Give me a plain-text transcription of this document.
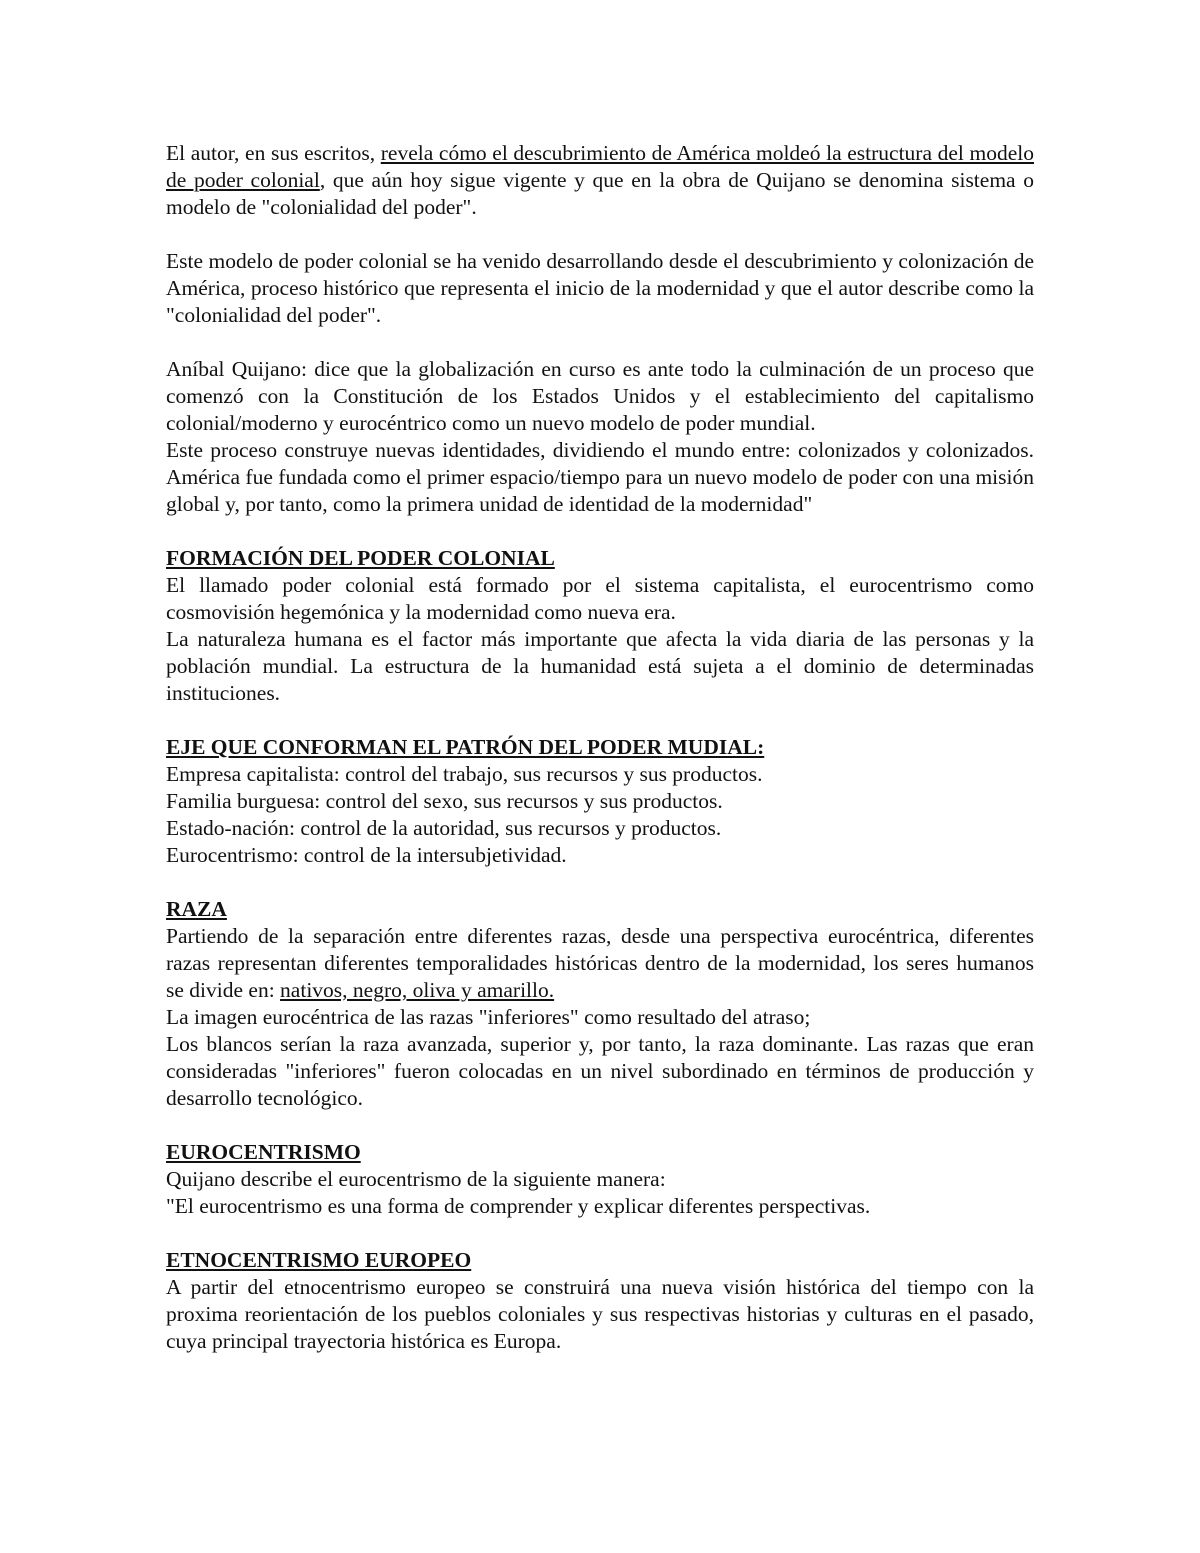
El autor, en sus escritos, revela cómo el descubrimiento de América moldeó la estructura del modelo de poder colonial, que aún hoy sigue vigente y que en la obra de Quijano se denomina sistema o modelo de "colonialidad del poder".

Este modelo de poder colonial se ha venido desarrollando desde el descubrimiento y colonización de América, proceso histórico que representa el inicio de la modernidad y que el autor describe como la "colonialidad del poder".

Aníbal Quijano: dice que la globalización en curso es ante todo la culminación de un proceso que comenzó con la Constitución de los Estados Unidos y el establecimiento del capitalismo colonial/moderno y eurocéntrico como un nuevo modelo de poder mundial.

Este proceso construye nuevas identidades, dividiendo el mundo entre: colonizados y colonizados. América fue fundada como el primer espacio/tiempo para un nuevo modelo de poder con una misión global y, por tanto, como la primera unidad de identidad de la modernidad"

FORMACIÓN DEL PODER COLONIAL

El llamado poder colonial está formado por el sistema capitalista, el eurocentrismo como cosmovisión hegemónica y la modernidad como nueva era.

La naturaleza humana es el factor más importante que afecta la vida diaria de las personas y la población mundial. La estructura de la humanidad está sujeta a el dominio de determinadas instituciones.

EJE QUE CONFORMAN EL PATRÓN DEL PODER MUDIAL:

Empresa capitalista: control del trabajo, sus recursos y sus productos.
Familia burguesa: control del sexo, sus recursos y sus productos.
Estado-nación: control de la autoridad, sus recursos y productos.
Eurocentrismo: control de la intersubjetividad.

RAZA

Partiendo de la separación entre diferentes razas, desde una perspectiva eurocéntrica, diferentes razas representan diferentes temporalidades históricas dentro de la modernidad, los seres humanos se divide en: nativos, negro, oliva y amarillo.

La imagen eurocéntrica de las razas "inferiores" como resultado del atraso;

Los blancos serían la raza avanzada, superior y, por tanto, la raza dominante. Las razas que eran consideradas "inferiores" fueron colocadas en un nivel subordinado en términos de producción y desarrollo tecnológico.

EUROCENTRISMO

Quijano describe el eurocentrismo de la siguiente manera:

"El eurocentrismo es una forma de comprender y explicar diferentes perspectivas.

ETNOCENTRISMO EUROPEO

A partir del etnocentrismo europeo se construirá una nueva visión histórica del tiempo con la proxima reorientación de los pueblos coloniales y sus respectivas historias y culturas en el pasado, cuya principal trayectoria histórica es Europa.
